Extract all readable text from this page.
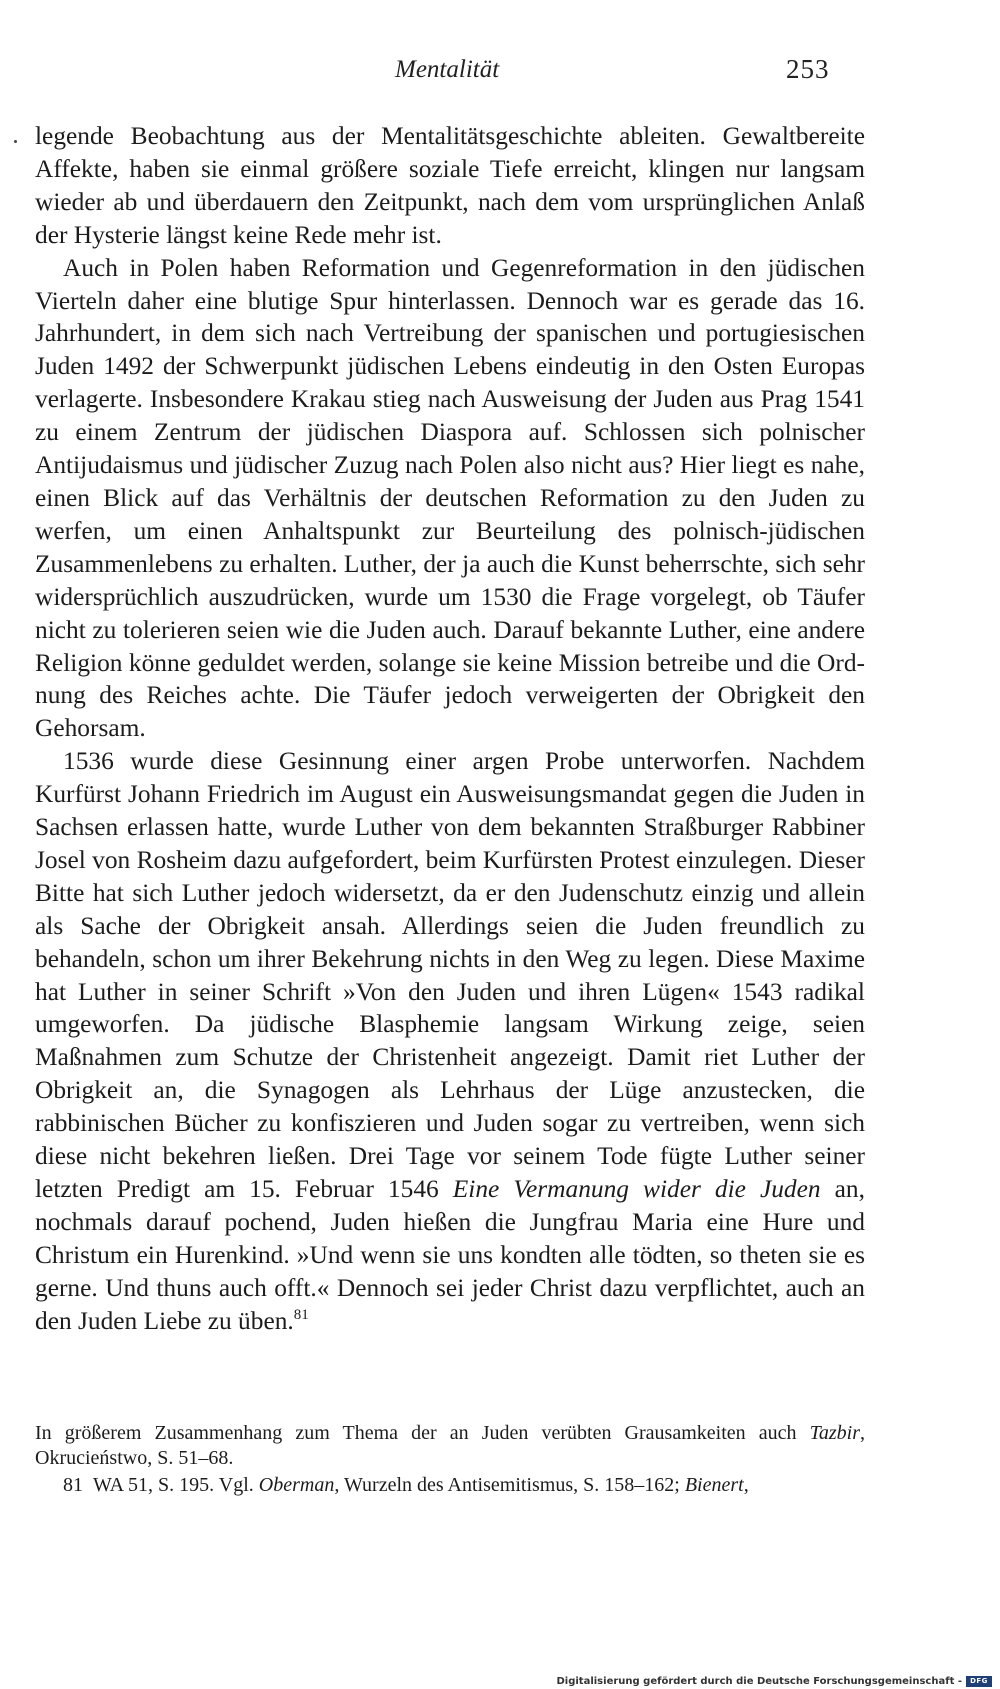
Mentalität	253

legende Beobachtung aus der Mentalitätsgeschichte ableiten. Gewaltbereite Affekte, haben sie einmal größere soziale Tiefe erreicht, klingen nur langsam wieder ab und überdauern den Zeitpunkt, nach dem vom ursprünglichen Anlaß der Hysterie längst keine Rede mehr ist.

Auch in Polen haben Reformation und Gegenreformation in den jüdischen Vierteln daher eine blutige Spur hinterlassen. Dennoch war es gerade das 16. Jahrhundert, in dem sich nach Vertreibung der spanischen und portugiesischen Juden 1492 der Schwerpunkt jüdischen Lebens eindeutig in den Osten Europas verlagerte. Insbesondere Krakau stieg nach Ausweisung der Juden aus Prag 1541 zu einem Zentrum der jüdischen Diaspora auf. Schlossen sich polnischer Antijudaismus und jüdischer Zuzug nach Polen also nicht aus? Hier liegt es nahe, einen Blick auf das Verhältnis der deutschen Reformation zu den Juden zu werfen, um einen Anhaltspunkt zur Beurteilung des polnisch-jüdischen Zusammenlebens zu erhalten. Luther, der ja auch die Kunst beherrschte, sich sehr widersprüchlich auszudrücken, wurde um 1530 die Frage vorgelegt, ob Täufer nicht zu tolerieren seien wie die Juden auch. Darauf bekannte Luther, eine andere Religion könne geduldet werden, solange sie keine Mission betreibe und die Ordnung des Reiches achte. Die Täufer jedoch verweigerten der Obrigkeit den Gehorsam.

1536 wurde diese Gesinnung einer argen Probe unterworfen. Nachdem Kurfürst Johann Friedrich im August ein Ausweisungsmandat gegen die Juden in Sachsen erlassen hatte, wurde Luther von dem bekannten Straßburger Rabbiner Josel von Rosheim dazu aufgefordert, beim Kurfürsten Protest einzulegen. Dieser Bitte hat sich Luther jedoch widersetzt, da er den Judenschutz einzig und allein als Sache der Obrigkeit ansah. Allerdings seien die Juden freundlich zu behandeln, schon um ihrer Bekehrung nichts in den Weg zu legen. Diese Maxime hat Luther in seiner Schrift »Von den Juden und ihren Lügen« 1543 radikal umgeworfen. Da jüdische Blasphemie langsam Wirkung zeige, seien Maßnahmen zum Schutze der Christenheit angezeigt. Damit riet Luther der Obrigkeit an, die Synagogen als Lehrhaus der Lüge anzustecken, die rabbinischen Bücher zu konfiszieren und Juden sogar zu vertreiben, wenn sich diese nicht bekehren ließen. Drei Tage vor seinem Tode fügte Luther seiner letzten Predigt am 15. Februar 1546 Eine Vermanung wider die Juden an, nochmals darauf pochend, Juden hießen die Jungfrau Maria eine Hure und Christum ein Hurenkind. »Und wenn sie uns kondten alle tödten, so theten sie es gerne. Und thuns auch offt.« Dennoch sei jeder Christ dazu verpflichtet, auch an den Juden Liebe zu üben.$^{81}$

In größerem Zusammenhang zum Thema der an Juden verübten Grausamkeiten auch Tazbir, Okrucieństwo, S. 51–68.

81 WA 51, S. 195. Vgl. Oberman, Wurzeln des Antisemitismus, S. 158–162; Bienert,

Digitalisierung gefördert durch die Deutsche Forschungsgemeinschaft -	DFG
